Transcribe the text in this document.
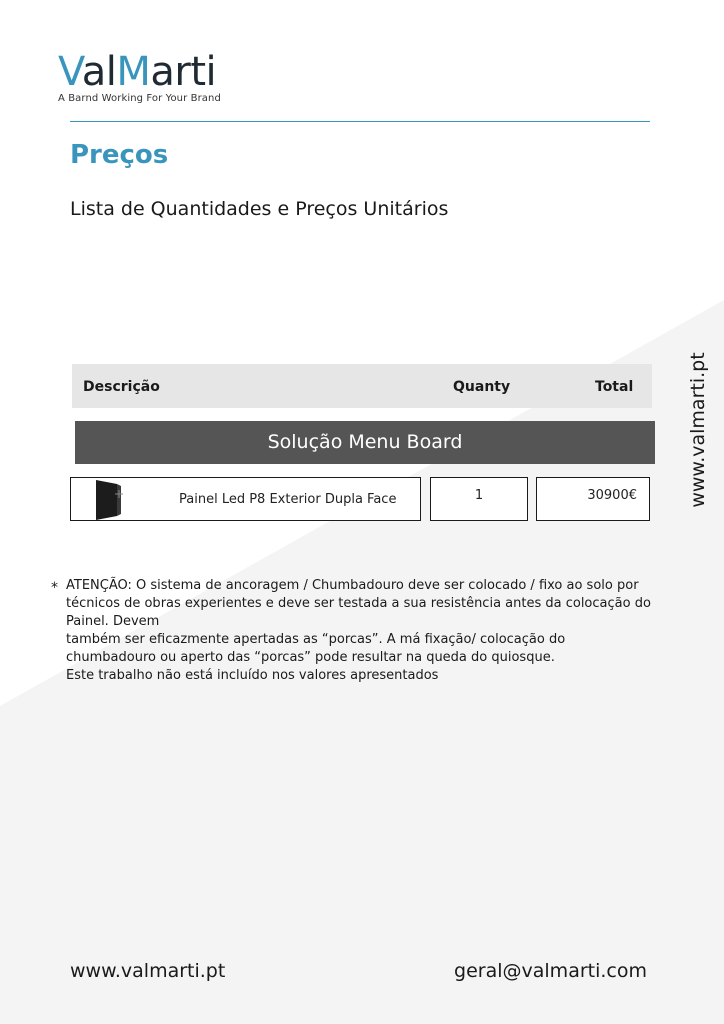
ValMarti
A Barnd Working For Your Brand
Preços
Lista de Quantidades e Preços Unitários
www.valmarti.pt
Descrição	Quanty	Total
Solução Menu Board
Painel Led P8 Exterior Dupla Face	1	30900€
* ATENÇÃO: O sistema de ancoragem / Chumbadouro deve ser colocado / fixo ao solo por técnicos de obras experientes e deve ser testada a sua resistência antes da colocação do Painel. Devem

também ser eficazmente apertadas as “porcas”. A má fixação/ colocação do chumbadouro ou aperto das “porcas” pode resultar na queda do quiosque.

Este trabalho não está incluído nos valores apresentados

www.valmarti.pt	geral@valmarti.com
